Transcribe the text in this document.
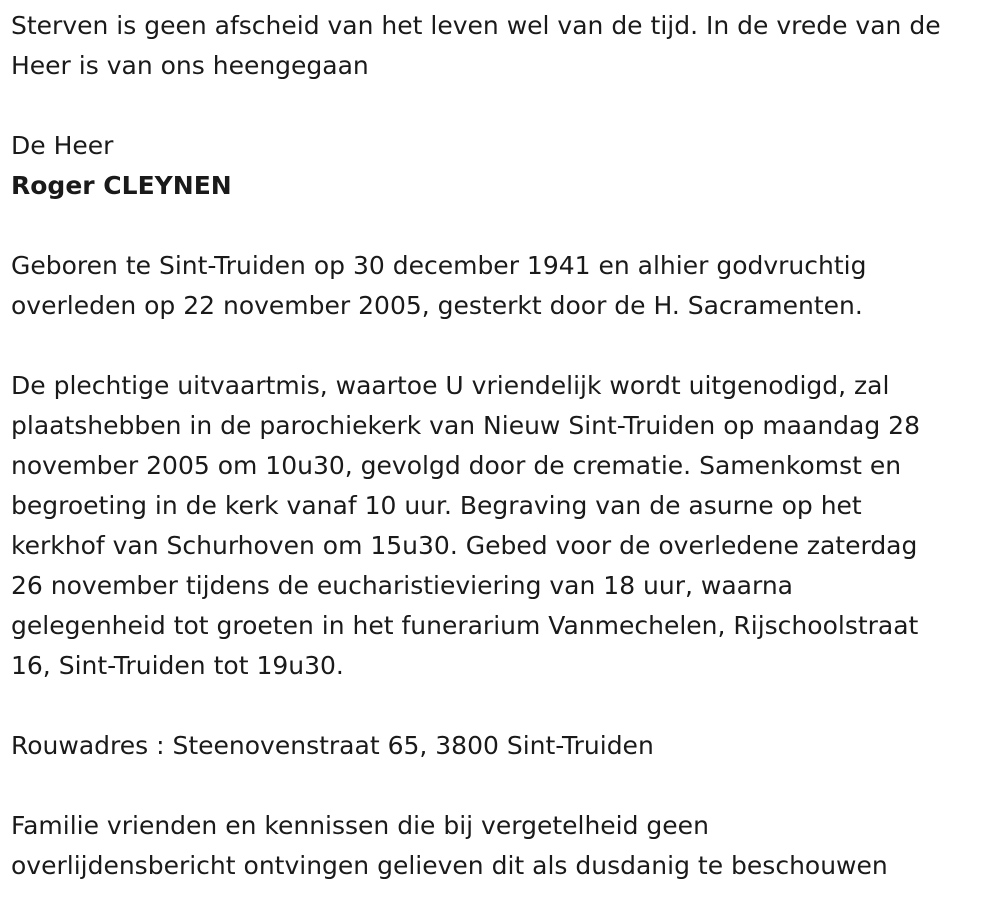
Sterven is geen afscheid van het leven wel van de tijd. In de vrede van de

Heer is van ons heengegaan

De Heer

Roger CLEYNEN

Geboren te Sint-Truiden op 30 december 1941 en alhier godvruchtig

overleden op 22 november 2005, gesterkt door de H. Sacramenten.

De plechtige uitvaartmis, waartoe U vriendelijk wordt uitgenodigd, zal

plaatshebben in de parochiekerk van Nieuw Sint-Truiden op maandag 28

november 2005 om 10u30, gevolgd door de crematie. Samenkomst en

begroeting in de kerk vanaf 10 uur. Begraving van de asurne op het

kerkhof van Schurhoven om 15u30. Gebed voor de overledene zaterdag

26 november tijdens de eucharistieviering van 18 uur, waarna

gelegenheid tot groeten in het funerarium Vanmechelen, Rijschoolstraat

16, Sint-Truiden tot 19u30.

Rouwadres : Steenovenstraat 65, 3800 Sint-Truiden

Familie vrienden en kennissen die bij vergetelheid geen

overlijdensbericht ontvingen gelieven dit als dusdanig te beschouwen
